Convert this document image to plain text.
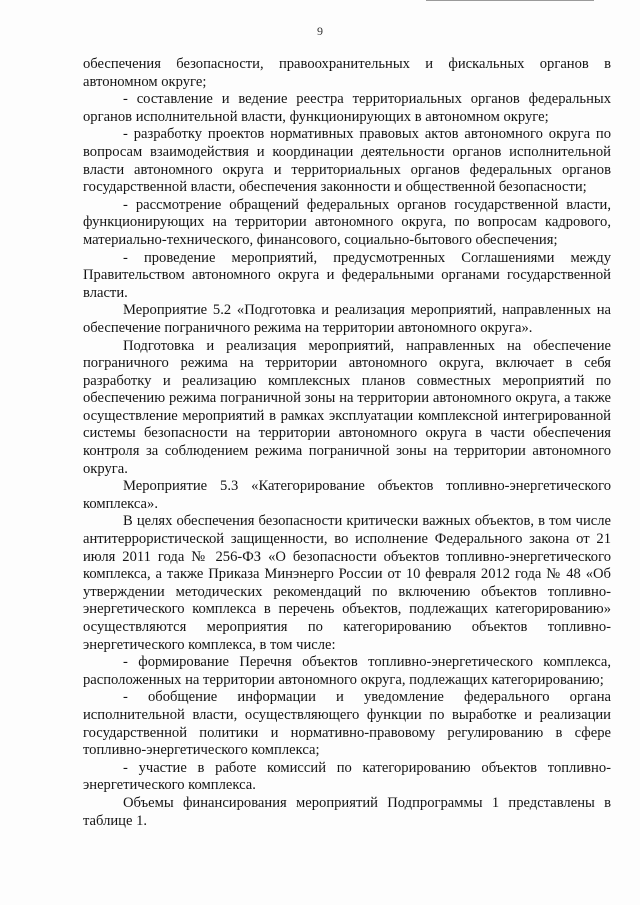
9

обеспечения безопасности, правоохранительных и фискальных органов в автономном округе;

- составление и ведение реестра территориальных органов федеральных органов исполнительной власти, функционирующих в автономном округе;

- разработку проектов нормативных правовых актов автономного округа по вопросам взаимодействия и координации деятельности органов исполнительной власти автономного округа и территориальных органов федеральных органов государственной власти, обеспечения законности и общественной безопасности;

- рассмотрение обращений федеральных органов государственной власти, функционирующих на территории автономного округа, по вопросам кадрового, материально-технического, финансового, социально-бытового обеспечения;

- проведение мероприятий, предусмотренных Соглашениями между Правительством автономного округа и федеральными органами государственной власти.

Мероприятие 5.2 «Подготовка и реализация мероприятий, направленных на обеспечение пограничного режима на территории автономного округа».

Подготовка и реализация мероприятий, направленных на обеспечение пограничного режима на территории автономного округа, включает в себя разработку и реализацию комплексных планов совместных мероприятий по обеспечению режима пограничной зоны на территории автономного округа, а также осуществление мероприятий в рамках эксплуатации комплексной интегрированной системы безопасности на территории автономного округа в части обеспечения контроля за соблюдением режима пограничной зоны на территории автономного округа.

Мероприятие 5.3 «Категорирование объектов топливно-энергетического комплекса».

В целях обеспечения безопасности критически важных объектов, в том числе антитеррористической защищенности, во исполнение Федерального закона от 21 июля 2011 года № 256-ФЗ «О безопасности объектов топливно-энергетического комплекса, а также Приказа Минэнерго России от 10 февраля 2012 года № 48 «Об утверждении методических рекомендаций по включению объектов топливно-энергетического комплекса в перечень объектов, подлежащих категорированию» осуществляются мероприятия по категорированию объектов топливно-энергетического комплекса, в том числе:

- формирование Перечня объектов топливно-энергетического комплекса, расположенных на территории автономного округа, подлежащих категорированию;

- обобщение информации и уведомление федерального органа исполнительной власти, осуществляющего функции по выработке и реализации государственной политики и нормативно-правовому регулированию в сфере топливно-энергетического комплекса;

- участие в работе комиссий по категорированию объектов топливно-энергетического комплекса.

Объемы финансирования мероприятий Подпрограммы 1 представлены в таблице 1.
